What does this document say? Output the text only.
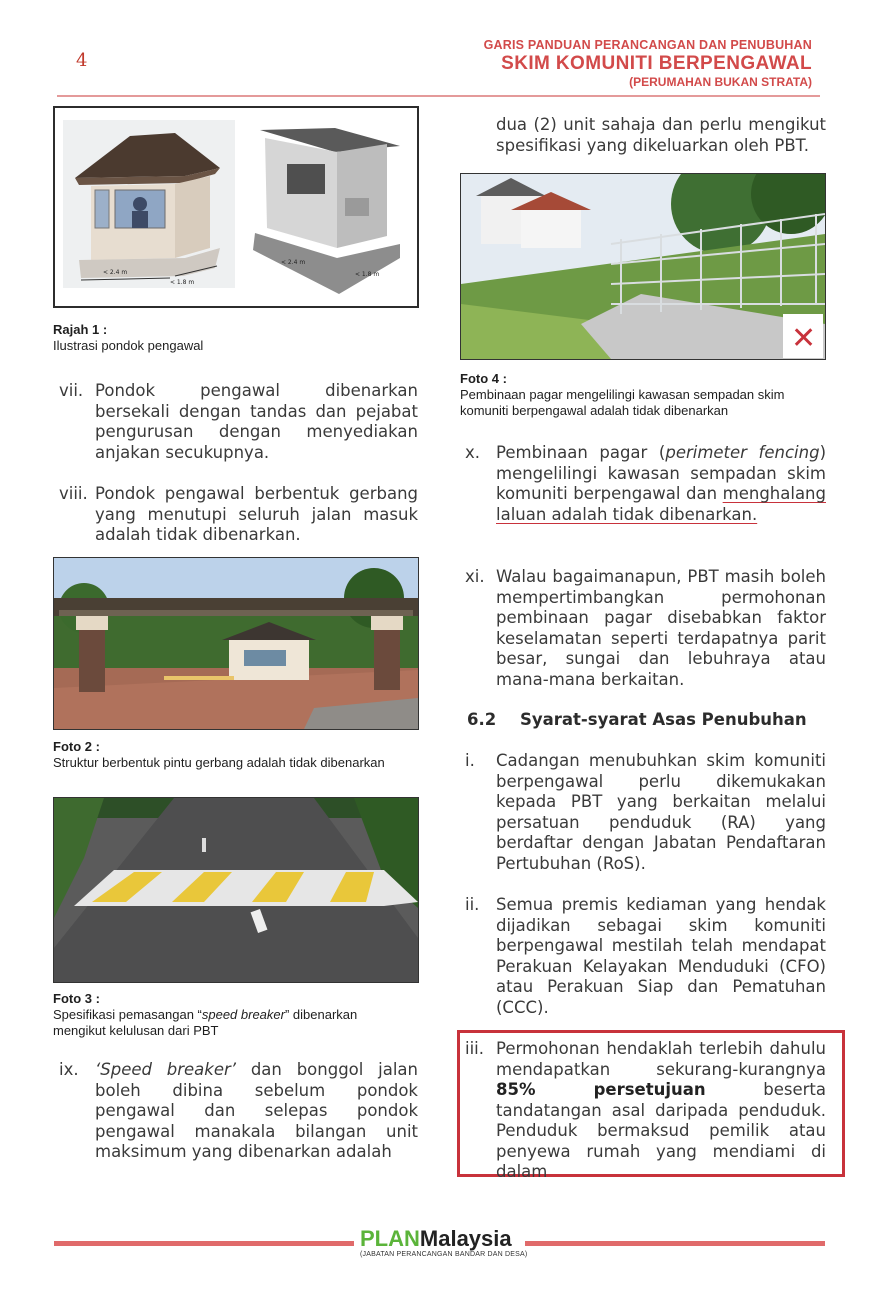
4
GARIS PANDUAN PERANCANGAN DAN PENUBUHAN
SKIM KOMUNITI BERPENGAWAL
(PERUMAHAN BUKAN STRATA)
< 2.4 m
< 1.8 m
< 2.4 m
< 1.8 m
Rajah 1 :
Ilustrasi pondok pengawal
vii. Pondok pengawal dibenarkan bersekali dengan tandas dan pejabat pengurusan dengan menyediakan anjakan secukupnya.
viii. Pondok pengawal berbentuk gerbang yang menutupi seluruh jalan masuk adalah tidak dibenarkan.
Foto 2 :
Struktur berbentuk pintu gerbang adalah tidak dibenarkan
Foto 3 :
Spesifikasi pemasangan “speed breaker” dibenarkan mengikut kelulusan dari PBT
ix. ‘Speed breaker’ dan bonggol jalan boleh dibina sebelum pondok pengawal dan selepas pondok pengawal manakala bilangan unit maksimum yang dibenarkan adalah
dua (2) unit sahaja dan perlu mengikut spesifikasi yang dikeluarkan oleh PBT.
✕
Foto 4 :
Pembinaan pagar mengelilingi kawasan sempadan skim komuniti berpengawal adalah tidak dibenarkan
x. Pembinaan pagar (perimeter fencing) mengelilingi kawasan sempadan skim komuniti berpengawal dan menghalang laluan adalah tidak dibenarkan.
xi. Walau bagaimanapun, PBT masih boleh mempertimbangkan permohonan pembinaan pagar disebabkan faktor keselamatan seperti terdapatnya parit besar, sungai dan lebuhraya atau mana-mana berkaitan.
6.2 Syarat-syarat Asas Penubuhan
i. Cadangan menubuhkan skim komuniti berpengawal perlu dikemukakan kepada PBT yang berkaitan melalui persatuan penduduk (RA) yang berdaftar dengan Jabatan Pendaftaran Pertubuhan (RoS).
ii. Semua premis kediaman yang hendak dijadikan sebagai skim komuniti berpengawal mestilah telah mendapat Perakuan Kelayakan Menduduki (CFO) atau Perakuan Siap dan Pematuhan (CCC).
iii. Permohonan hendaklah terlebih dahulu mendapatkan sekurang-kurangnya 85% persetujuan beserta tandatangan asal daripada penduduk. Penduduk bermaksud pemilik atau penyewa rumah yang mendiami di dalam
PLANMalaysia
(JABATAN PERANCANGAN BANDAR DAN DESA)
